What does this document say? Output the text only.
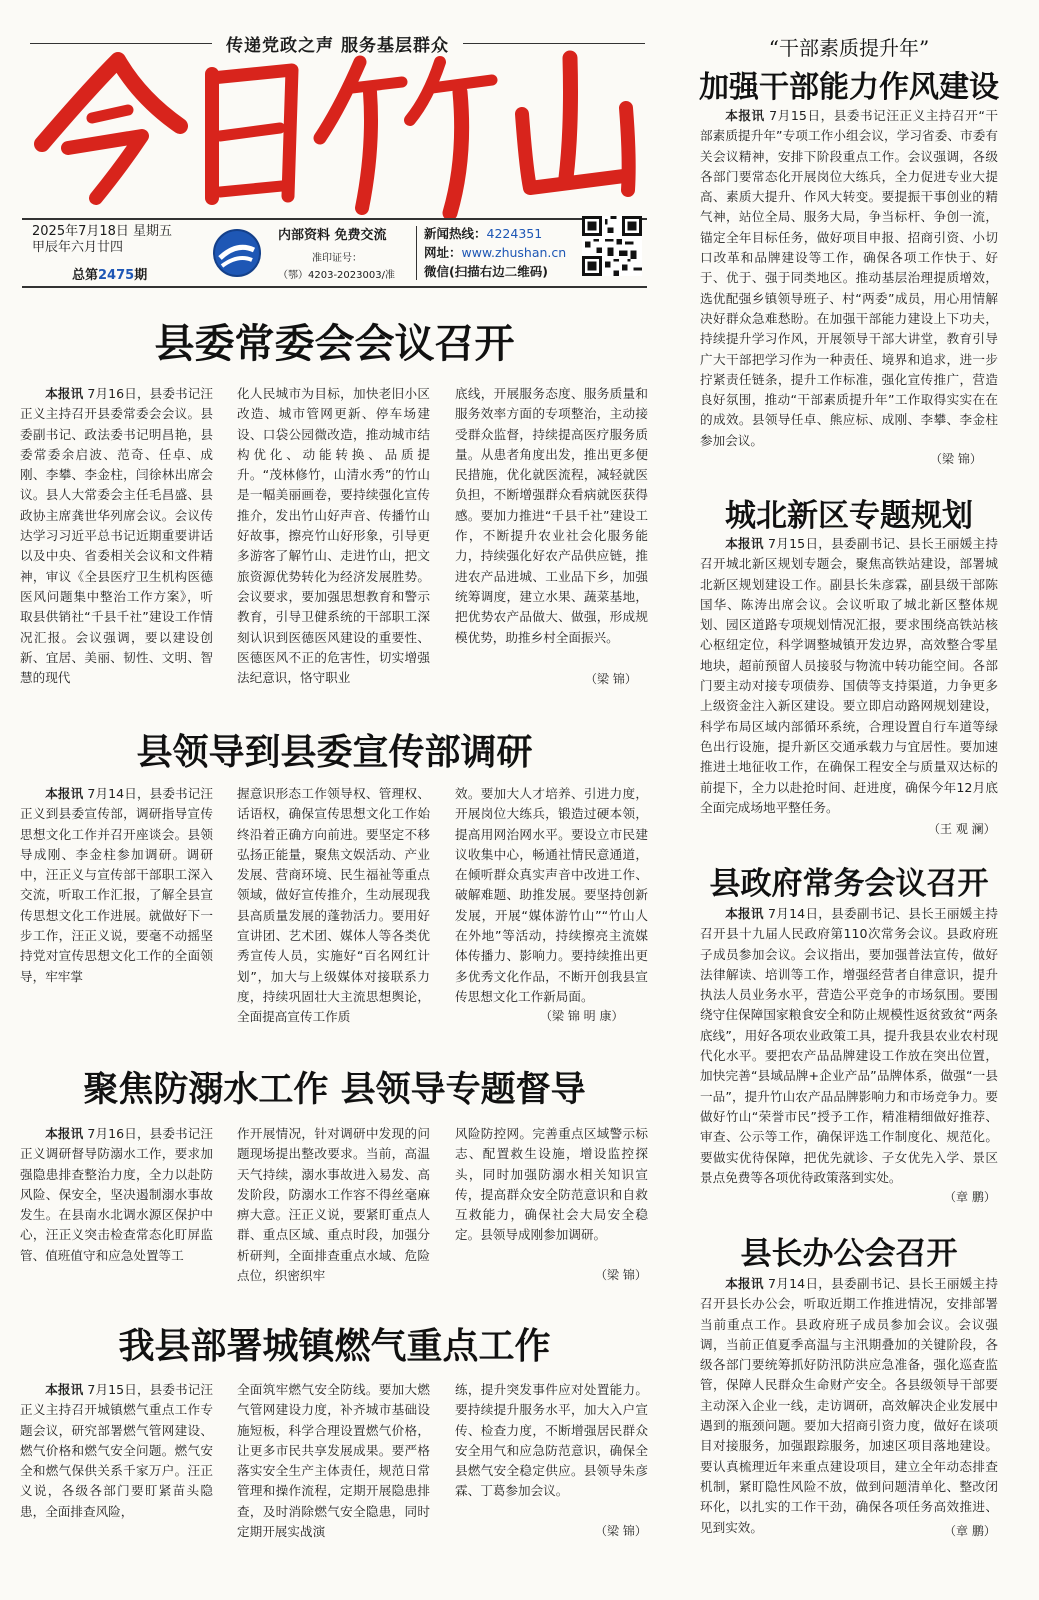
传递党政之声 服务基层群众
2025年7月18日 星期五
甲辰年六月廿四
总第2475期
内部资料 免费交流
准印证号：
（鄂）4203-2023003/准
新闻热线：4224351
网址：www.zhushan.cn
微信(扫描右边二维码)
县委常委会会议召开

本报讯 7月16日，县委书记汪正义主持召开县委常委会会议。县委副书记、政法委书记明昌艳，县委常委余启波、范奇、任卓、成刚、李攀、李金柱，闫徐林出席会议。县人大常委会主任毛昌盛、县政协主席龚世华列席会议。会议传达学习习近平总书记近期重要讲话以及中央、省委相关会议和文件精神，审议《全县医疗卫生机构医德医风问题集中整治工作方案》，听取县供销社“千县千社”建设工作情况汇报。会议强调，要以建设创新、宜居、美丽、韧性、文明、智慧的现代

化人民城市为目标，加快老旧小区改造、城市管网更新、停车场建设、口袋公园微改造，推动城市结构优化、动能转换、品质提升。“茂林修竹，山清水秀”的竹山是一幅美丽画卷，要持续强化宣传推介，发出竹山好声音、传播竹山好故事，擦亮竹山好形象，引导更多游客了解竹山、走进竹山，把文旅资源优势转化为经济发展胜势。会议要求，要加强思想教育和警示教育，引导卫健系统的干部职工深刻认识到医德医风建设的重要性、医德医风不正的危害性，切实增强法纪意识，恪守职业

底线，开展服务态度、服务质量和服务效率方面的专项整治，主动接受群众监督，持续提高医疗服务质量。从患者角度出发，推出更多便民措施，优化就医流程，减轻就医负担，不断增强群众看病就医获得感。要加力推进“千县千社”建设工作，不断提升农业社会化服务能力，持续强化好农产品供应链，推进农产品进城、工业品下乡，加强统筹调度，建立水果、蔬菜基地，把优势农产品做大、做强，形成规模优势，助推乡村全面振兴。

（梁 锦）
县领导到县委宣传部调研

本报讯 7月14日，县委书记汪正义到县委宣传部，调研指导宣传思想文化工作并召开座谈会。县领导成刚、李金柱参加调研。调研中，汪正义与宣传部干部职工深入交流，听取工作汇报，了解全县宣传思想文化工作进展。就做好下一步工作，汪正义说，要毫不动摇坚持党对宣传思想文化工作的全面领导，牢牢掌

握意识形态工作领导权、管理权、话语权，确保宣传思想文化工作始终沿着正确方向前进。要坚定不移弘扬正能量，聚焦文娱活动、产业发展、营商环境、民生福祉等重点领域，做好宣传推介，生动展现我县高质量发展的蓬勃活力。要用好宣讲团、艺术团、媒体人等各类优秀宣传人员，实施好“百名网红计划”，加大与上级媒体对接联系力度，持续巩固壮大主流思想舆论，全面提高宣传工作质

效。要加大人才培养、引进力度，开展岗位大练兵，锻造过硬本领，提高用网治网水平。要设立市民建议收集中心，畅通社情民意通道，在倾听群众真实声音中改进工作、破解难题、助推发展。要坚持创新发展，开展“媒体游竹山”“竹山人在外地”等活动，持续擦亮主流媒体传播力、影响力。要持续推出更多优秀文化作品，不断开创我县宣传思想文化工作新局面。

（梁 锦 明 康）
聚焦防溺水工作 县领导专题督导

本报讯 7月16日，县委书记汪正义调研督导防溺水工作，要求加强隐患排查整治力度，全力以赴防风险、保安全，坚决遏制溺水事故发生。在县南水北调水源区保护中心，汪正义突击检查常态化盯屏监管、值班值守和应急处置等工

作开展情况，针对调研中发现的问题现场提出整改要求。当前，高温天气持续，溺水事故进入易发、高发阶段，防溺水工作容不得丝毫麻痹大意。汪正义说，要紧盯重点人群、重点区域、重点时段，加强分析研判，全面排查重点水域、危险点位，织密织牢

风险防控网。完善重点区域警示标志、配置救生设施，增设监控探头，同时加强防溺水相关知识宣传，提高群众安全防范意识和自救互救能力，确保社会大局安全稳定。县领导成刚参加调研。

（梁 锦）
我县部署城镇燃气重点工作

本报讯 7月15日，县委书记汪正义主持召开城镇燃气重点工作专题会议，研究部署燃气管网建设、燃气价格和燃气安全问题。燃气安全和燃气保供关系千家万户。汪正义说，各级各部门要盯紧苗头隐患，全面排查风险，

全面筑牢燃气安全防线。要加大燃气管网建设力度，补齐城市基础设施短板，科学合理设置燃气价格，让更多市民共享发展成果。要严格落实安全生产主体责任，规范日常管理和操作流程，定期开展隐患排查，及时消除燃气安全隐患，同时定期开展实战演

练，提升突发事件应对处置能力。要持续提升服务水平，加大入户宣传、检查力度，不断增强居民群众安全用气和应急防范意识，确保全县燃气安全稳定供应。县领导朱彦霖、丁葛参加会议。

（梁 锦）
“干部素质提升年”
加强干部能力作风建设

本报讯 7月15日，县委书记汪正义主持召开“干部素质提升年”专项工作小组会议，学习省委、市委有关会议精神，安排下阶段重点工作。会议强调，各级各部门要常态化开展岗位大练兵，全力促进专业大提高、素质大提升、作风大转变。要提振干事创业的精气神，站位全局、服务大局，争当标杆、争创一流，锚定全年目标任务，做好项目申报、招商引资、小切口改革和品牌建设等工作，确保各项工作快于、好于、优于、强于同类地区。推动基层治理提质增效，选优配强乡镇领导班子、村“两委”成员，用心用情解决好群众急难愁盼。在加强干部能力建设上下功夫，持续提升学习作风，开展领导干部大讲堂，教育引导广大干部把学习作为一种责任、境界和追求，进一步拧紧责任链条，提升工作标准，强化宣传推广，营造良好氛围，推动“干部素质提升年”工作取得实实在在的成效。县领导任卓、熊应标、成刚、李攀、李金柱参加会议。

（梁 锦）
城北新区专题规划

本报讯 7月15日，县委副书记、县长王丽媛主持召开城北新区规划专题会，聚焦高铁站建设，部署城北新区规划建设工作。副县长朱彦霖，副县级干部陈国华、陈涛出席会议。会议听取了城北新区整体规划、园区道路专项规划情况汇报，要求围绕高铁站核心枢纽定位，科学调整城镇开发边界，高效整合零星地块，超前预留人员接驳与物流中转功能空间。各部门要主动对接专项债券、国债等支持渠道，力争更多上级资金注入新区建设。要立即启动路网规划建设，科学布局区域内部循环系统，合理设置自行车道等绿色出行设施，提升新区交通承载力与宜居性。要加速推进土地征收工作，在确保工程安全与质量双达标的前提下，全力以赴抢时间、赶进度，确保今年12月底全面完成场地平整任务。

（王 观 澜）
县政府常务会议召开

本报讯 7月14日，县委副书记、县长王丽媛主持召开县十九届人民政府第110次常务会议。县政府班子成员参加会议。会议指出，要加强普法宣传，做好法律解读、培训等工作，增强经营者自律意识，提升执法人员业务水平，营造公平竞争的市场氛围。要围绕守住保障国家粮食安全和防止规模性返贫致贫“两条底线”，用好各项农业政策工具，提升我县农业农村现代化水平。要把农产品品牌建设工作放在突出位置，加快完善“县域品牌+企业产品”品牌体系，做强“一县一品”，提升竹山农产品品牌影响力和市场竞争力。要做好竹山“荣誉市民”授予工作，精准精细做好推荐、审查、公示等工作，确保评选工作制度化、规范化。要做实优待保障，把优先就诊、子女优先入学、景区景点免费等各项优待政策落到实处。

（章 鹏）
县长办公会召开

本报讯 7月14日，县委副书记、县长王丽媛主持召开县长办公会，听取近期工作推进情况，安排部署当前重点工作。县政府班子成员参加会议。会议强调，当前正值夏季高温与主汛期叠加的关键阶段，各级各部门要统筹抓好防汛防洪应急准备，强化巡查监管，保障人民群众生命财产安全。各县级领导干部要主动深入企业一线，走访调研，高效解决企业发展中遇到的瓶颈问题。要加大招商引资力度，做好在谈项目对接服务，加强跟踪服务，加速区项目落地建设。要认真梳理近年来重点建设项目，建立全年动态排查机制，紧盯隐性风险不放，做到问题清单化、整改闭环化，以扎实的工作干劲，确保各项任务高效推进、见到实效。	（章 鹏）
